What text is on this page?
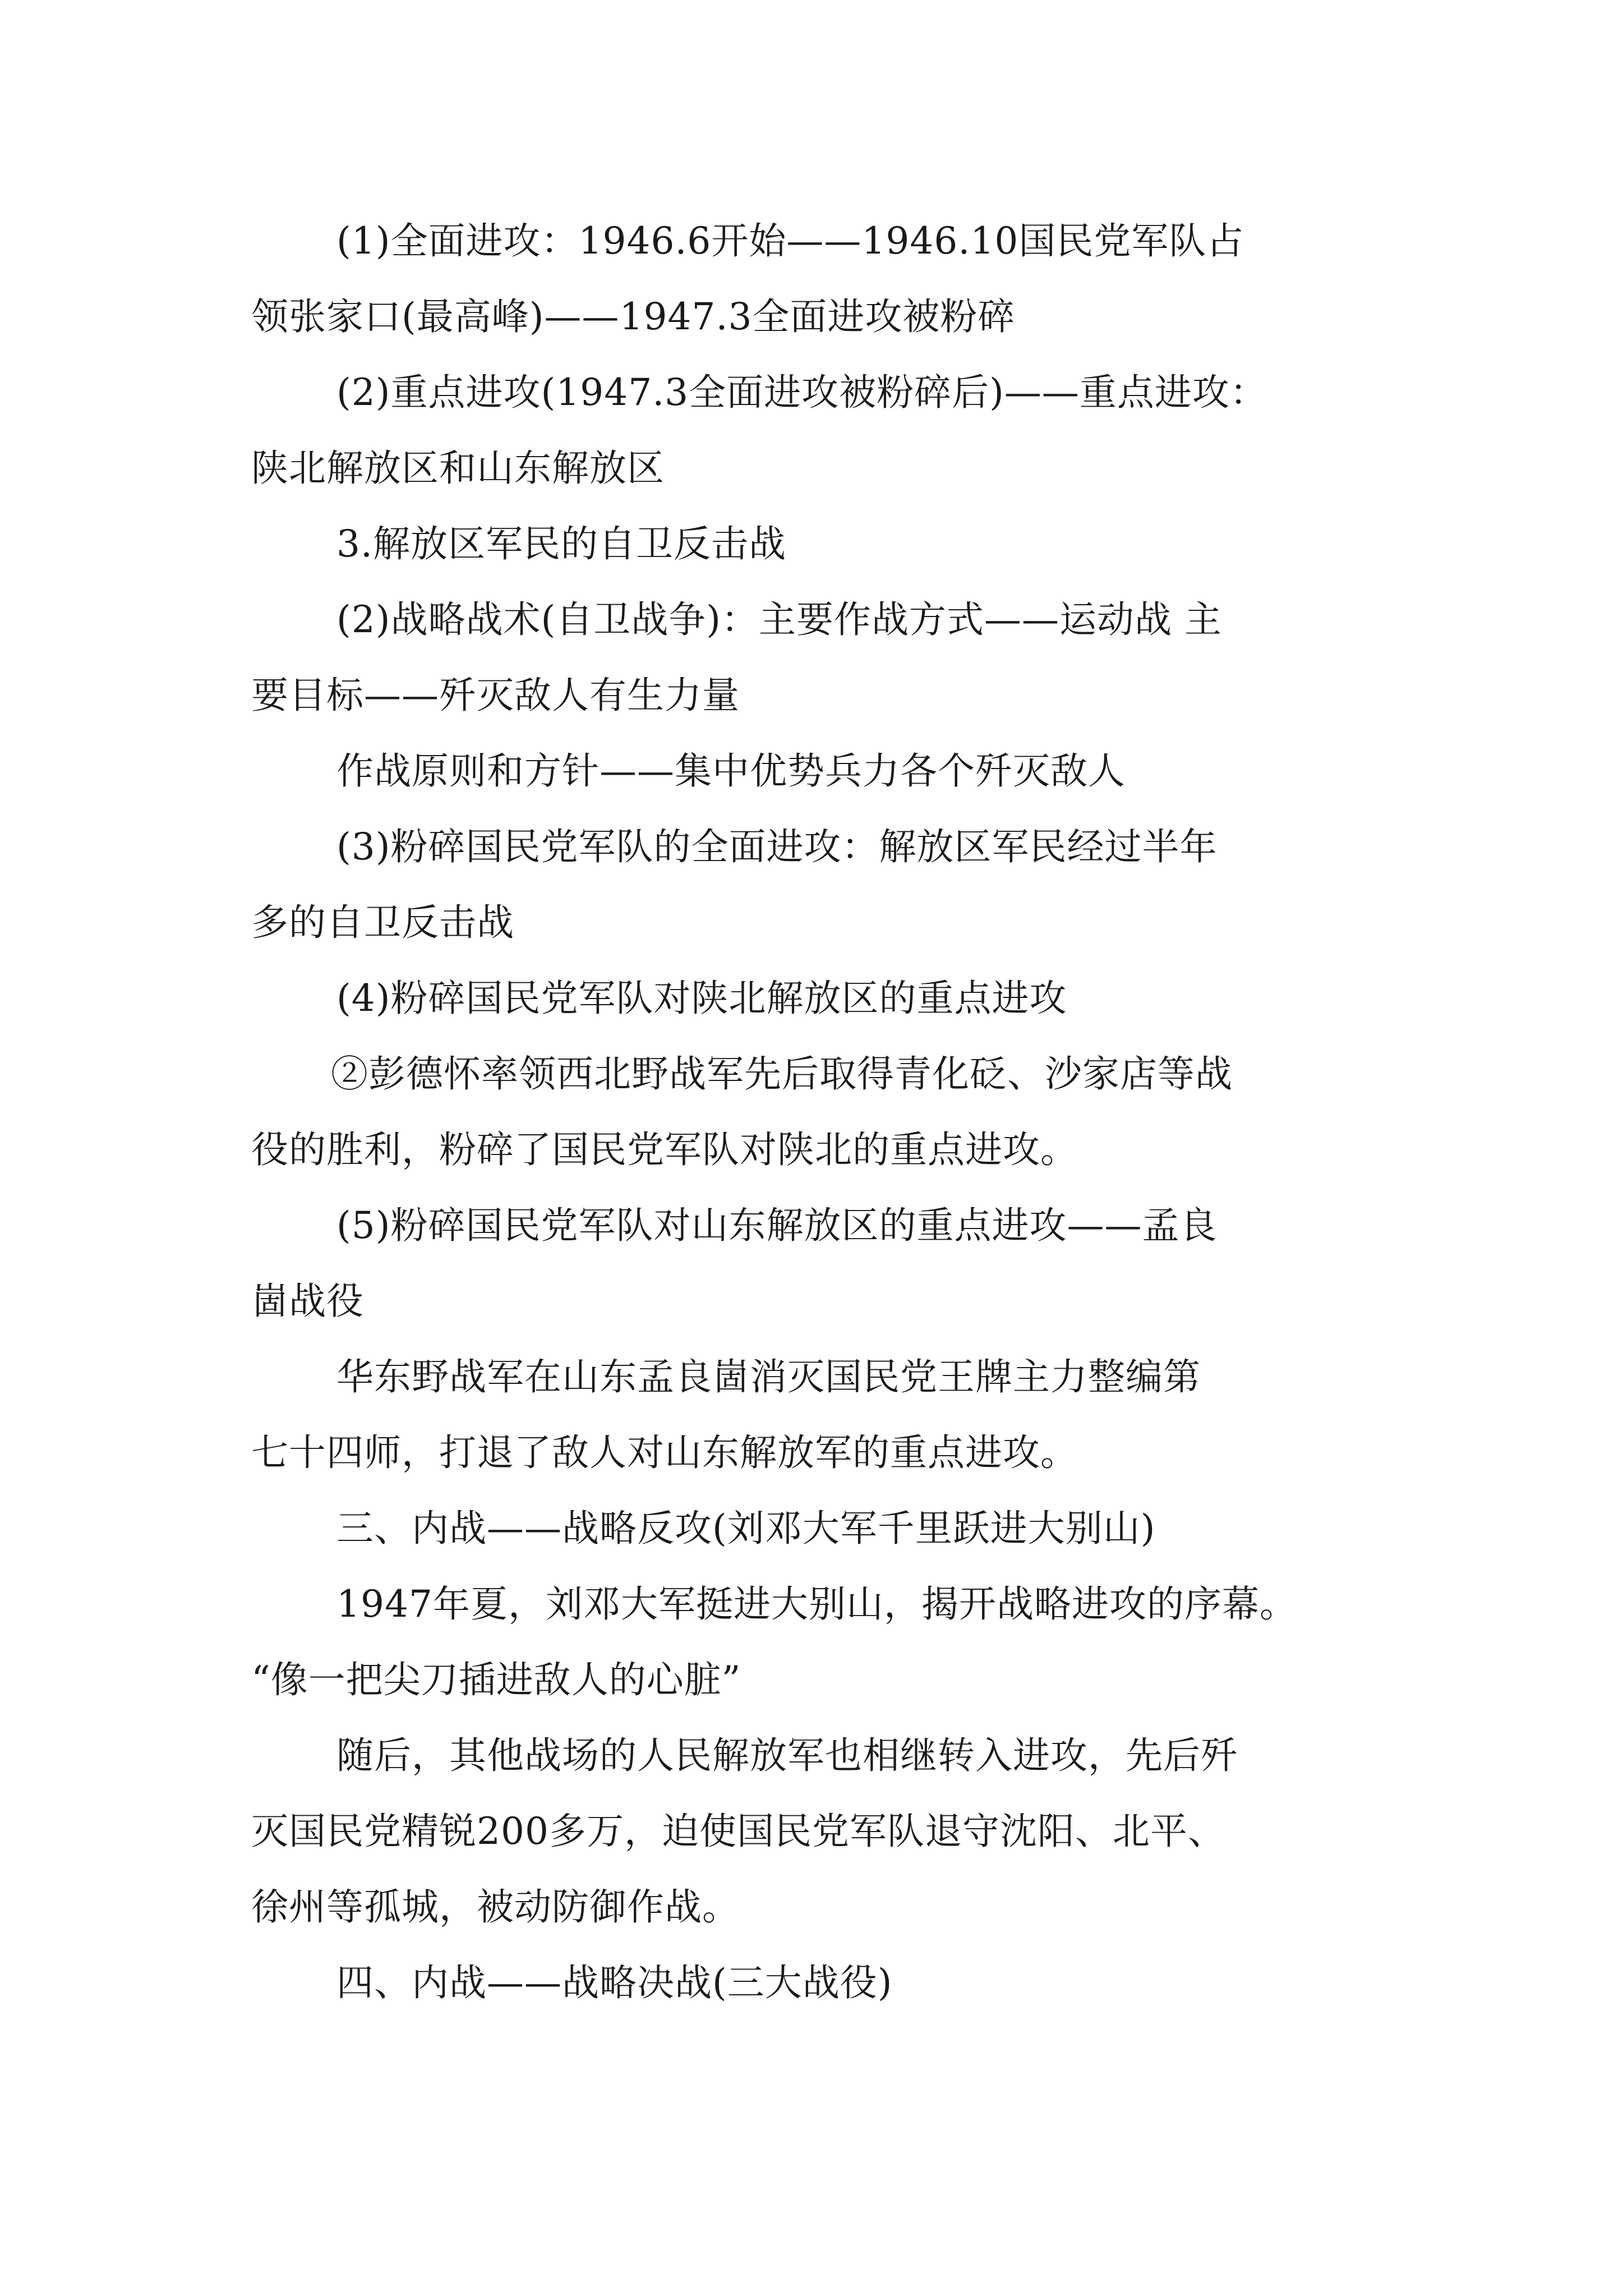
(1)全面进攻：1946.6开始——1946.10国民党军队占
领张家口(最高峰)——1947.3全面进攻被粉碎
(2)重点进攻(1947.3全面进攻被粉碎后)——重点进攻：
陕北解放区和山东解放区
3.解放区军民的自卫反击战
(2)战略战术(自卫战争)：主要作战方式——运动战 主
要目标——歼灭敌人有生力量
作战原则和方针——集中优势兵力各个歼灭敌人
(3)粉碎国民党军队的全面进攻：解放区军民经过半年
多的自卫反击战
(4)粉碎国民党军队对陕北解放区的重点进攻
②彭德怀率领西北野战军先后取得青化砭、沙家店等战
役的胜利，粉碎了国民党军队对陕北的重点进攻。
(5)粉碎国民党军队对山东解放区的重点进攻——孟良
崮战役
华东野战军在山东孟良崮消灭国民党王牌主力整编第
七十四师，打退了敌人对山东解放军的重点进攻。
三、内战——战略反攻(刘邓大军千里跃进大别山)
1947年夏，刘邓大军挺进大别山，揭开战略进攻的序幕。
“像一把尖刀插进敌人的心脏”
随后，其他战场的人民解放军也相继转入进攻，先后歼
灭国民党精锐200多万，迫使国民党军队退守沈阳、北平、
徐州等孤城，被动防御作战。
四、内战——战略决战(三大战役)
